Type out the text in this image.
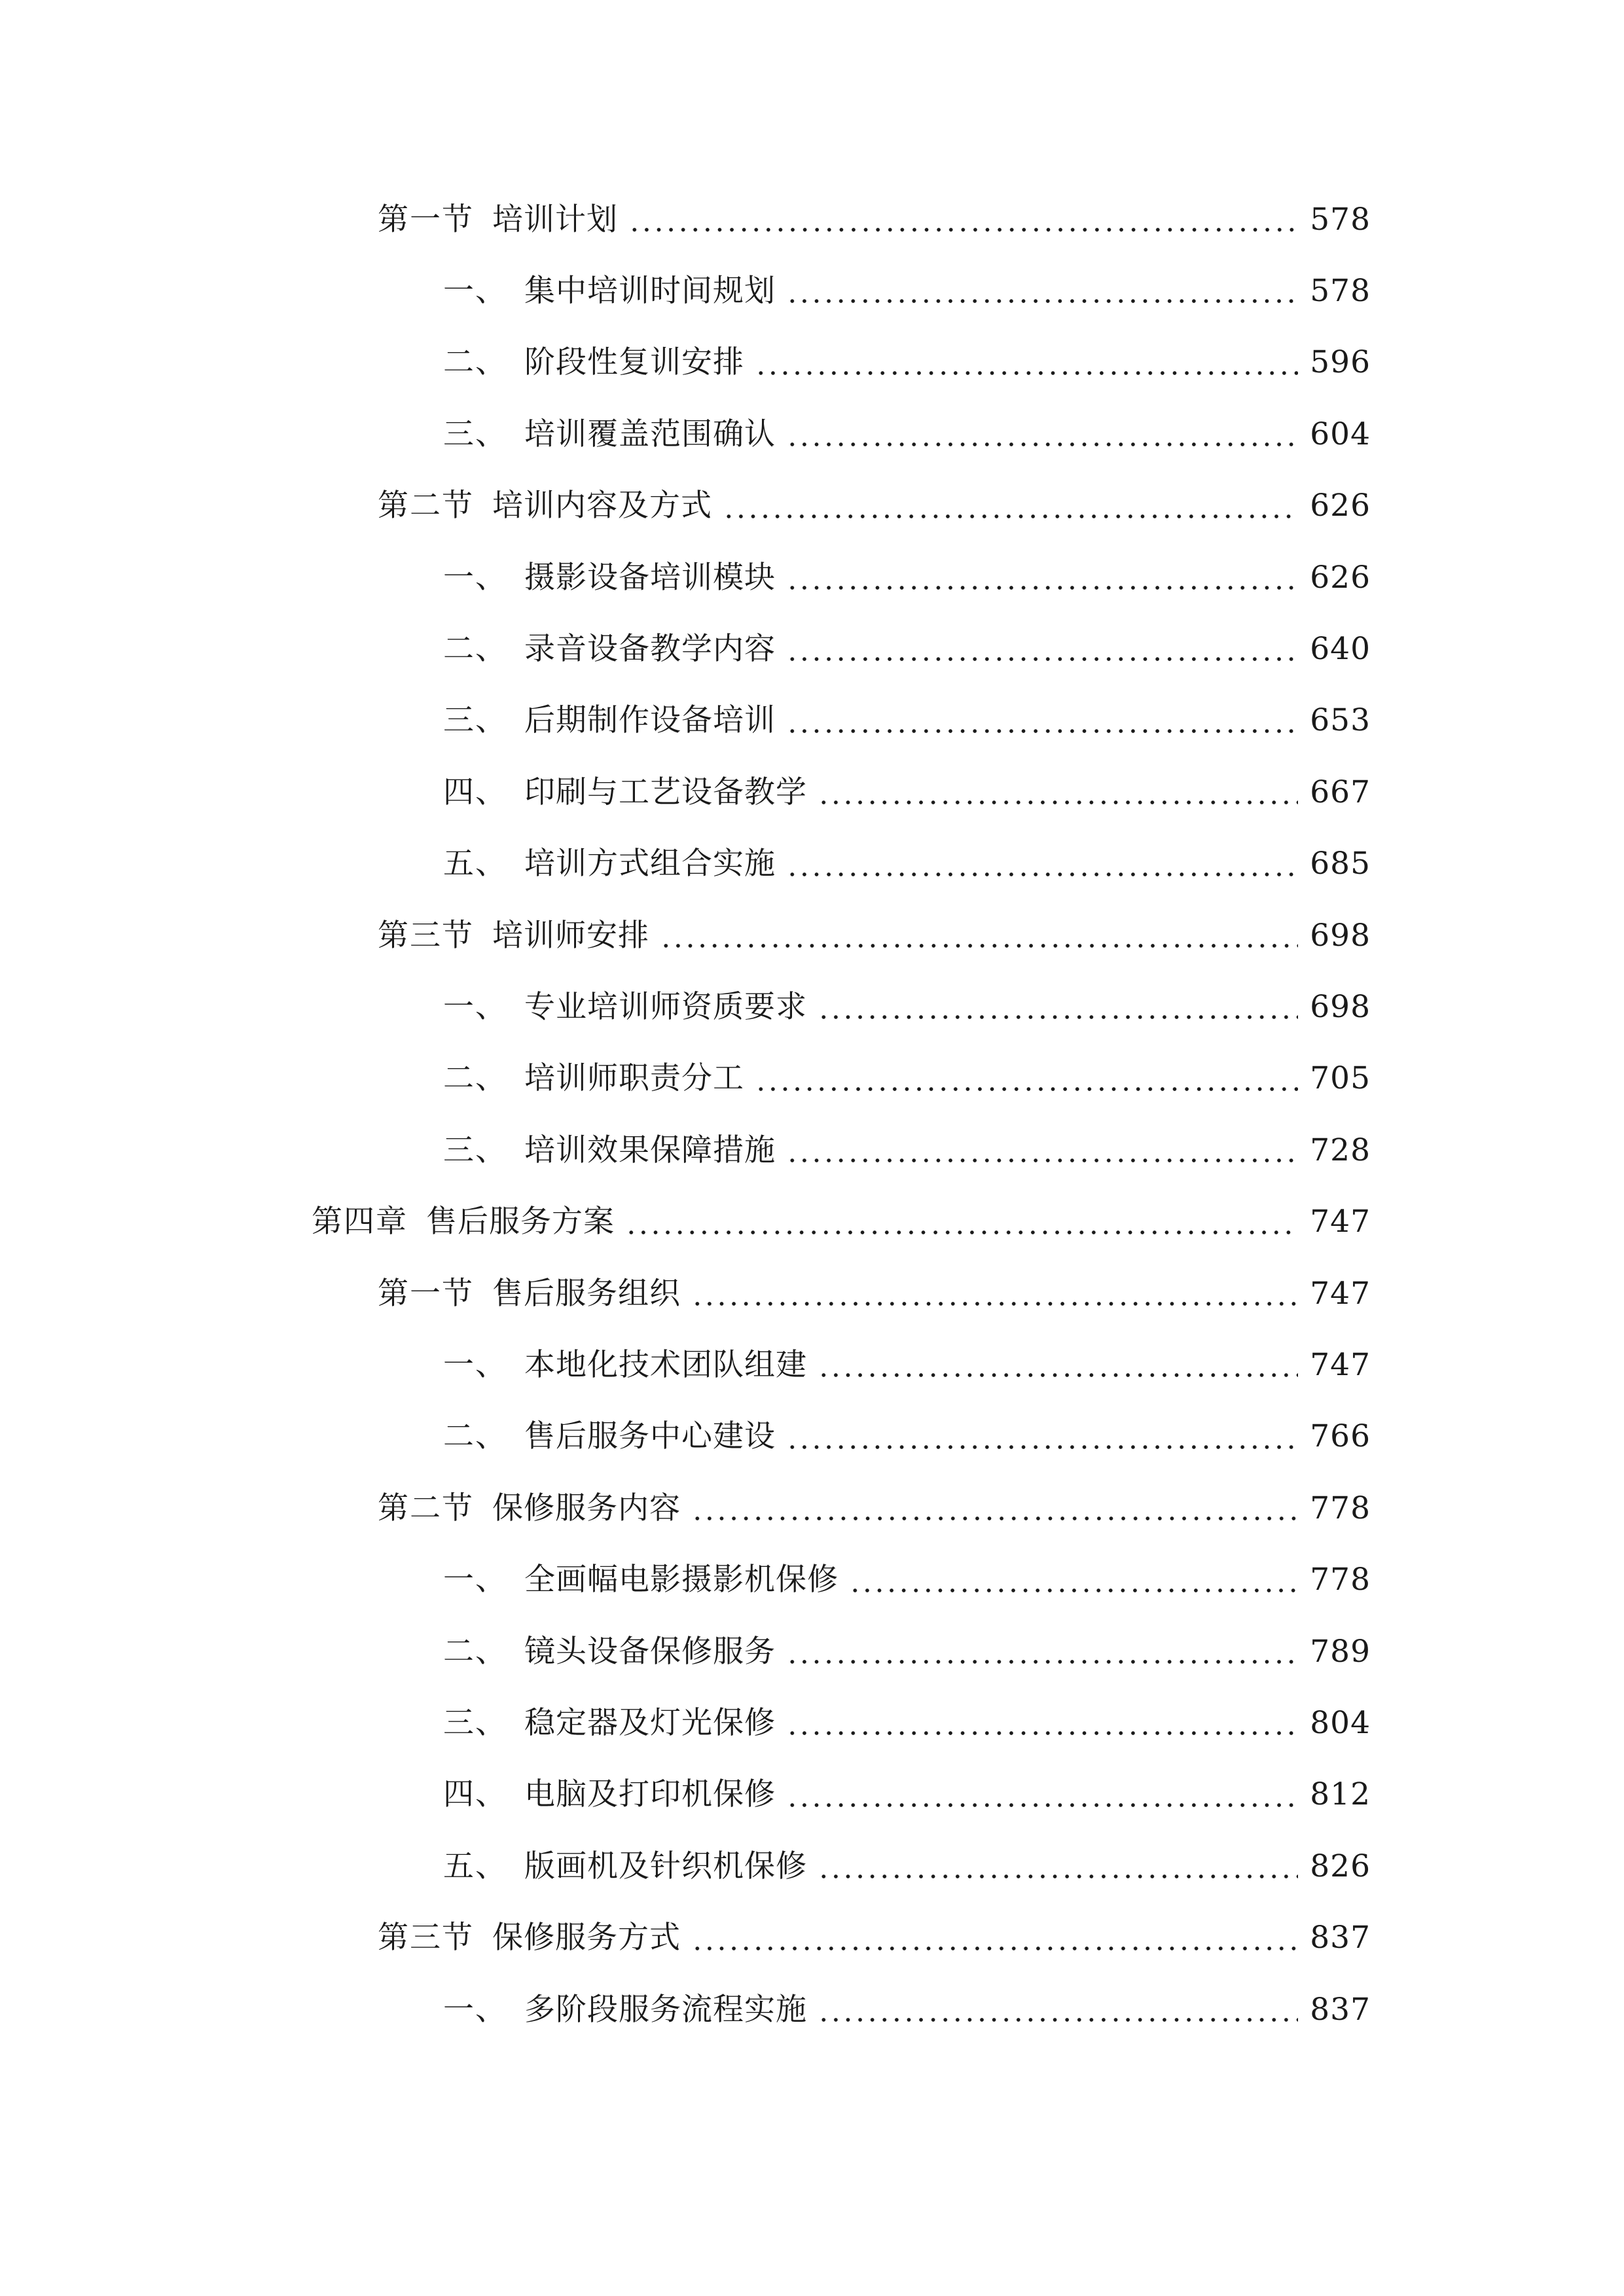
第一节 培训计划	578
一、 集中培训时间规划	578
二、 阶段性复训安排	596
三、 培训覆盖范围确认	604
第二节 培训内容及方式	626
一、 摄影设备培训模块	626
二、 录音设备教学内容	640
三、 后期制作设备培训	653
四、 印刷与工艺设备教学	667
五、 培训方式组合实施	685
第三节 培训师安排	698
一、 专业培训师资质要求	698
二、 培训师职责分工	705
三、 培训效果保障措施	728
第四章 售后服务方案	747
第一节 售后服务组织	747
一、 本地化技术团队组建	747
二、 售后服务中心建设	766
第二节 保修服务内容	778
一、 全画幅电影摄影机保修	778
二、 镜头设备保修服务	789
三、 稳定器及灯光保修	804
四、 电脑及打印机保修	812
五、 版画机及针织机保修	826
第三节 保修服务方式	837
一、 多阶段服务流程实施	837
